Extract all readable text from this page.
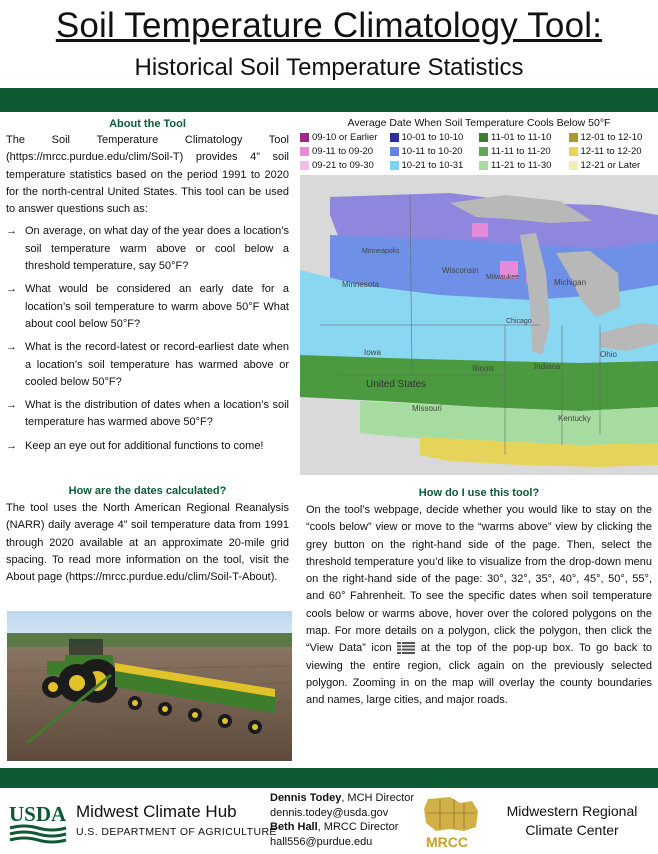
Soil Temperature Climatology Tool:
Historical Soil Temperature Statistics
About the Tool

The Soil Temperature Climatology Tool (https://mrcc.purdue.edu/clim/Soil-T) provides 4” soil temperature statistics based on the period 1991 to 2020 for the north-central United States. This tool can be used to answer questions such as:

→ On average, on what day of the year does a location’s soil temperature warm above or cool below a threshold temperature, say 50°F?
→ What would be considered an early date for a location’s soil temperature to warm above 50°F What about cool below 50°F?
→ What is the record-latest or record-earliest date when a location’s soil temperature has warmed above or cooled below 50°F?
→ What is the distribution of dates when a location’s soil temperature has warmed above 50°F?
→ Keep an eye out for additional functions to come!
How are the dates calculated?
The tool uses the North American Regional Reanalysis (NARR) daily average 4” soil temperature data from 1991 through 2020 available at an approximate 20-mile grid spacing. To read more information on the tool, visit the About page (https://mrcc.purdue.edu/clim/Soil-T-About).
Average Date When Soil Temperature Cools Below 50°F
09-10 or Earlier	10-01 to 10-10	11-01 to 11-10	12-01 to 12-10
09-11 to 09-20	10-11 to 10-20	11-11 to 11-20	12-11 to 12-20
09-21 to 09-30	10-21 to 10-31	11-21 to 11-30	12-21 or Later
Minnesota
Wisconsin
Michigan
Iowa
Illinois
Ohio
Indiana
Kentucky
Missouri
Chicago
Milwaukee
Minneapolis
United States
How do I use this tool?
On the tool’s webpage, decide whether you would like to stay on the “cools below” view or move to the “warms above” view by clicking the grey button on the right-hand side of the page. Then, select the threshold temperature you’d like to visualize from the drop-down menu on the right-hand side of the page: 30°, 32°, 35°, 40°, 45°, 50°, 55°, and 60° Fahrenheit. To see the specific dates when soil temperature cools below or warms above, hover over the colored polygons on the map. For more details on a polygon, click the polygon, then click the “View Data” icon	at the top of the pop-up box. To go back to viewing the entire region, click again on the previously selected polygon. Zooming in on the map will overlay the county boundaries and names, large cities, and major roads.
USDA Midwest Climate Hub
U.S. DEPARTMENT OF AGRICULTURE
Dennis Todey, MCH Director
dennis.todey@usda.gov
Beth Hall, MRCC Director
hall556@purdue.edu	MRCC
Midwestern Regional Climate Center
